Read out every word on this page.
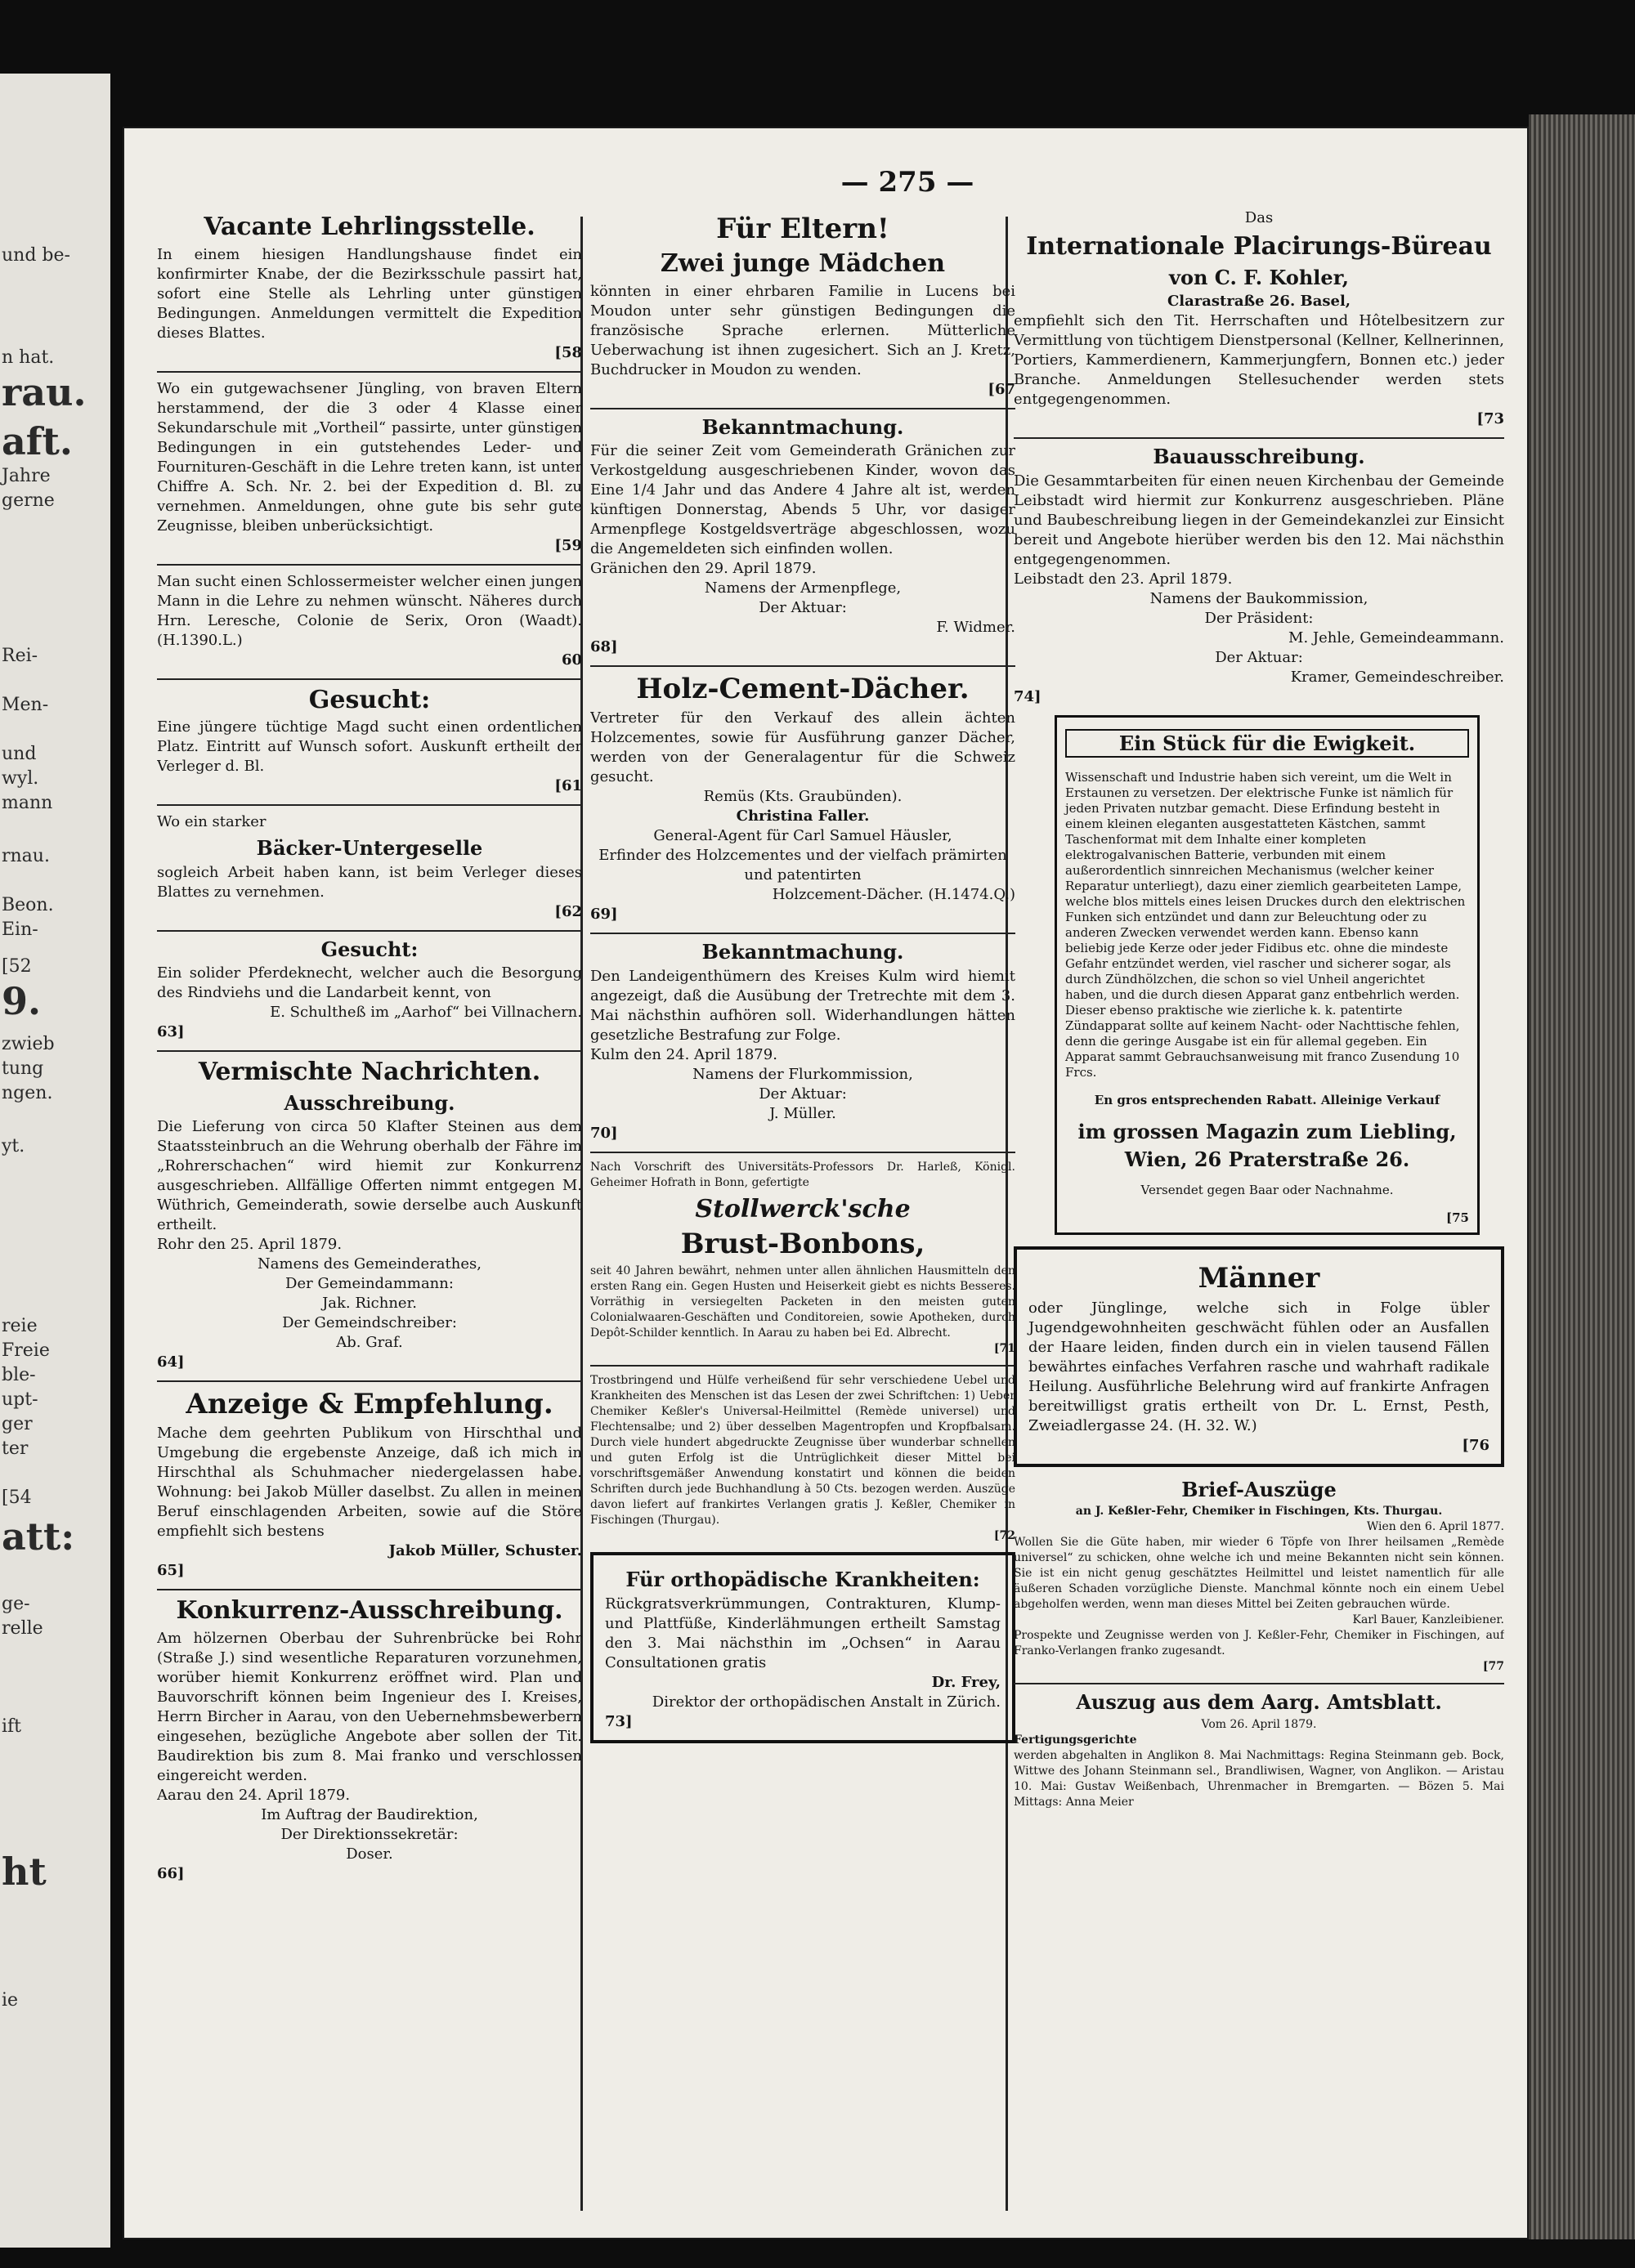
und be-
n hat.
rau.
aft.
Jahre
gerne
Rei-
Men-
und
wyl.
mann
rnau.
Beon.
Ein-
[52
9.
zwieb
tung
ngen.
yt.
reie
Freie
ble-
upt-
ger
ter
[54
att:
ge-
relle
ift
ht
ie
— 275 —
Vacante Lehrlingsstelle.

In einem hiesigen Handlungshause findet ein konfirmirter Knabe, der die Bezirksschule passirt hat, sofort eine Stelle als Lehrling unter günstigen Bedingungen. Anmeldungen vermittelt die Expedition dieses Blattes.

[58

Wo ein gutgewachsener Jüngling, von braven Eltern herstammend, der die 3 oder 4 Klasse einer Sekundarschule mit „Vortheil“ passirte, unter günstigen Bedingungen in ein gutstehendes Leder- und Fournituren-Geschäft in die Lehre treten kann, ist unter Chiffre A. Sch. Nr. 2. bei der Expedition d. Bl. zu vernehmen. Anmeldungen, ohne gute bis sehr gute Zeugnisse, bleiben unberücksichtigt.

[59

Man sucht einen Schlossermeister welcher einen jungen Mann in die Lehre zu nehmen wünscht. Näheres durch Hrn. Leresche, Colonie de Serix, Oron (Waadt). (H.1390.L.)

60
Gesucht:

Eine jüngere tüchtige Magd sucht einen ordentlichen Platz. Eintritt auf Wunsch sofort. Auskunft ertheilt der Verleger d. Bl.

[61

Wo ein starker

Bäcker-Untergeselle

sogleich Arbeit haben kann, ist beim Verleger dieses Blattes zu vernehmen.

[62
Gesucht:

Ein solider Pferdeknecht, welcher auch die Besorgung des Rindviehs und die Landarbeit kennt, von

E. Schultheß im „Aarhof“ bei Villnachern.

63]
Vermischte Nachrichten.
Ausschreibung.

Die Lieferung von circa 50 Klafter Steinen aus dem Staatssteinbruch an die Wehrung oberhalb der Fähre im „Rohrerschachen“ wird hiemit zur Konkurrenz ausgeschrieben. Allfällige Offerten nimmt entgegen M. Wüthrich, Gemeinderath, sowie derselbe auch Auskunft ertheilt.

Rohr den 25. April 1879.

Namens des Gemeinderathes,

Der Gemeindammann:

Jak. Richner.

Der Gemeindschreiber:

Ab. Graf.

64]
Anzeige & Empfehlung.

Mache dem geehrten Publikum von Hirschthal und Umgebung die ergebenste Anzeige, daß ich mich in Hirschthal als Schuhmacher niedergelassen habe. Wohnung: bei Jakob Müller daselbst. Zu allen in meinen Beruf einschlagenden Arbeiten, sowie auf die Störe empfiehlt sich bestens

Jakob Müller, Schuster.

65]
Konkurrenz-Ausschreibung.

Am hölzernen Oberbau der Suhrenbrücke bei Rohr (Straße J.) sind wesentliche Reparaturen vorzunehmen, worüber hiemit Konkurrenz eröffnet wird. Plan und Bauvorschrift können beim Ingenieur des I. Kreises, Herrn Bircher in Aarau, von den Uebernehmsbewerbern eingesehen, bezügliche Angebote aber sollen der Tit. Baudirektion bis zum 8. Mai franko und verschlossen eingereicht werden.

Aarau den 24. April 1879.

Im Auftrag der Baudirektion,

Der Direktionssekretär:

Doser.

66]
Für Eltern!
Zwei junge Mädchen

könnten in einer ehrbaren Familie in Lucens bei Moudon unter sehr günstigen Bedingungen die französische Sprache erlernen. Mütterliche Ueberwachung ist ihnen zugesichert. Sich an J. Kretz, Buchdrucker in Moudon zu wenden.

[67
Bekanntmachung.

Für die seiner Zeit vom Gemeinderath Gränichen zur Verkostgeldung ausgeschriebenen Kinder, wovon das Eine 1/4 Jahr und das Andere 4 Jahre alt ist, werden künftigen Donnerstag, Abends 5 Uhr, vor dasiger Armenpflege Kostgeldsverträge abgeschlossen, wozu die Angemeldeten sich einfinden wollen.

Gränichen den 29. April 1879.

Namens der Armenpflege,

Der Aktuar:

F. Widmer.

68]
Holz-Cement-Dächer.

Vertreter für den Verkauf des allein ächten Holzcementes, sowie für Ausführung ganzer Dächer, werden von der Generalagentur für die Schweiz gesucht.

Remüs (Kts. Graubünden).

Christina Faller.

General-Agent für Carl Samuel Häusler,

Erfinder des Holzcementes und der vielfach prämirten und patentirten

Holzcement-Dächer. (H.1474.Q.)

69]
Bekanntmachung.

Den Landeigenthümern des Kreises Kulm wird hiemit angezeigt, daß die Ausübung der Tretrechte mit dem 3. Mai nächsthin aufhören soll. Widerhandlungen hätten gesetzliche Bestrafung zur Folge.

Kulm den 24. April 1879.

Namens der Flurkommission,

Der Aktuar:

J. Müller.

70]

Nach Vorschrift des Universitäts-Professors Dr. Harleß, Königl. Geheimer Hofrath in Bonn, gefertigte

Stollwerck'sche
Brust-Bonbons,

seit 40 Jahren bewährt, nehmen unter allen ähnlichen Hausmitteln den ersten Rang ein. Gegen Husten und Heiserkeit giebt es nichts Besseres. Vorräthig in versiegelten Packeten in den meisten guten Colonialwaaren-Geschäften und Conditoreien, sowie Apotheken, durch Depôt-Schilder kenntlich. In Aarau zu haben bei Ed. Albrecht.

[71

Trostbringend und Hülfe verheißend für sehr verschiedene Uebel und Krankheiten des Menschen ist das Lesen der zwei Schriftchen: 1) Ueber Chemiker Keßler's Universal-Heilmittel (Remède universel) und Flechtensalbe; und 2) über desselben Magentropfen und Kropfbalsam. Durch viele hundert abgedruckte Zeugnisse über wunderbar schnellen und guten Erfolg ist die Untrüglichkeit dieser Mittel bei vorschriftsgemäßer Anwendung konstatirt und können die beiden Schriften durch jede Buchhandlung à 50 Cts. bezogen werden. Auszüge davon liefert auf frankirtes Verlangen gratis J. Keßler, Chemiker in Fischingen (Thurgau).

[72
Für orthopädische Krankheiten:

Rückgratsverkrümmungen, Contrakturen, Klump- und Plattfüße, Kinderlähmungen ertheilt Samstag den 3. Mai nächsthin im „Ochsen“ in Aarau Consultationen gratis

Dr. Frey,

Direktor der orthopädischen Anstalt in Zürich.

73]

Das

Internationale Placirungs-Büreau
von C. F. Kohler,

Clarastraße 26. Basel,

empfiehlt sich den Tit. Herrschaften und Hôtelbesitzern zur Vermittlung von tüchtigem Dienstpersonal (Kellner, Kellnerinnen, Portiers, Kammerdienern, Kammerjungfern, Bonnen etc.) jeder Branche. Anmeldungen Stellesuchender werden stets entgegengenommen.

[73
Bauausschreibung.

Die Gesammtarbeiten für einen neuen Kirchenbau der Gemeinde Leibstadt wird hiermit zur Konkurrenz ausgeschrieben. Pläne und Baubeschreibung liegen in der Gemeindekanzlei zur Einsicht bereit und Angebote hierüber werden bis den 12. Mai nächsthin entgegengenommen.

Leibstadt den 23. April 1879.

Namens der Baukommission,

Der Präsident:

M. Jehle, Gemeindeammann.

Der Aktuar:

Kramer, Gemeindeschreiber.

74]
Ein Stück für die Ewigkeit.

Wissenschaft und Industrie haben sich vereint, um die Welt in Erstaunen zu versetzen. Der elektrische Funke ist nämlich für jeden Privaten nutzbar gemacht. Diese Erfindung besteht in einem kleinen eleganten ausgestatteten Kästchen, sammt Taschenformat mit dem Inhalte einer kompleten elektrogalvanischen Batterie, verbunden mit einem außerordentlich sinnreichen Mechanismus (welcher keiner Reparatur unterliegt), dazu einer ziemlich gearbeiteten Lampe, welche blos mittels eines leisen Druckes durch den elektrischen Funken sich entzündet und dann zur Beleuchtung oder zu anderen Zwecken verwendet werden kann. Ebenso kann beliebig jede Kerze oder jeder Fidibus etc. ohne die mindeste Gefahr entzündet werden, viel rascher und sicherer sogar, als durch Zündhölzchen, die schon so viel Unheil angerichtet haben, und die durch diesen Apparat ganz entbehrlich werden. Dieser ebenso praktische wie zierliche k. k. patentirte Zündapparat sollte auf keinem Nacht- oder Nachttische fehlen, denn die geringe Ausgabe ist ein für allemal gegeben. Ein Apparat sammt Gebrauchsanweisung mit franco Zusendung 10 Frcs.

En gros entsprechenden Rabatt. Alleinige Verkauf

im grossen Magazin zum Liebling,
Wien, 26 Praterstraße 26.

Versendet gegen Baar oder Nachnahme.

[75
Männer

oder Jünglinge, welche sich in Folge übler Jugendgewohnheiten geschwächt fühlen oder an Ausfallen der Haare leiden, finden durch ein in vielen tausend Fällen bewährtes einfaches Verfahren rasche und wahrhaft radikale Heilung. Ausführliche Belehrung wird auf frankirte Anfragen bereitwilligst gratis ertheilt von Dr. L. Ernst, Pesth, Zweiadlergasse 24. (H. 32. W.)

[76
Brief-Auszüge

an J. Keßler-Fehr, Chemiker in Fischingen, Kts. Thurgau.

Wien den 6. April 1877.

Wollen Sie die Güte haben, mir wieder 6 Töpfe von Ihrer heilsamen „Remède universel“ zu schicken, ohne welche ich und meine Bekannten nicht sein können. Sie ist ein nicht genug geschätztes Heilmittel und leistet namentlich für alle äußeren Schaden vorzügliche Dienste. Manchmal könnte noch ein einem Uebel abgeholfen werden, wenn man dieses Mittel bei Zeiten gebrauchen würde.

Karl Bauer, Kanzleibiener.

Prospekte und Zeugnisse werden von J. Keßler-Fehr, Chemiker in Fischingen, auf Franko-Verlangen franko zugesandt.

[77
Auszug aus dem Aarg. Amtsblatt.

Vom 26. April 1879.

Fertigungsgerichte

werden abgehalten in Anglikon 8. Mai Nachmittags: Regina Steinmann geb. Bock, Wittwe des Johann Steinmann sel., Brandliwisen, Wagner, von Anglikon. — Aristau 10. Mai: Gustav Weißenbach, Uhrenmacher in Bremgarten. — Bözen 5. Mai Mittags: Anna Meier
